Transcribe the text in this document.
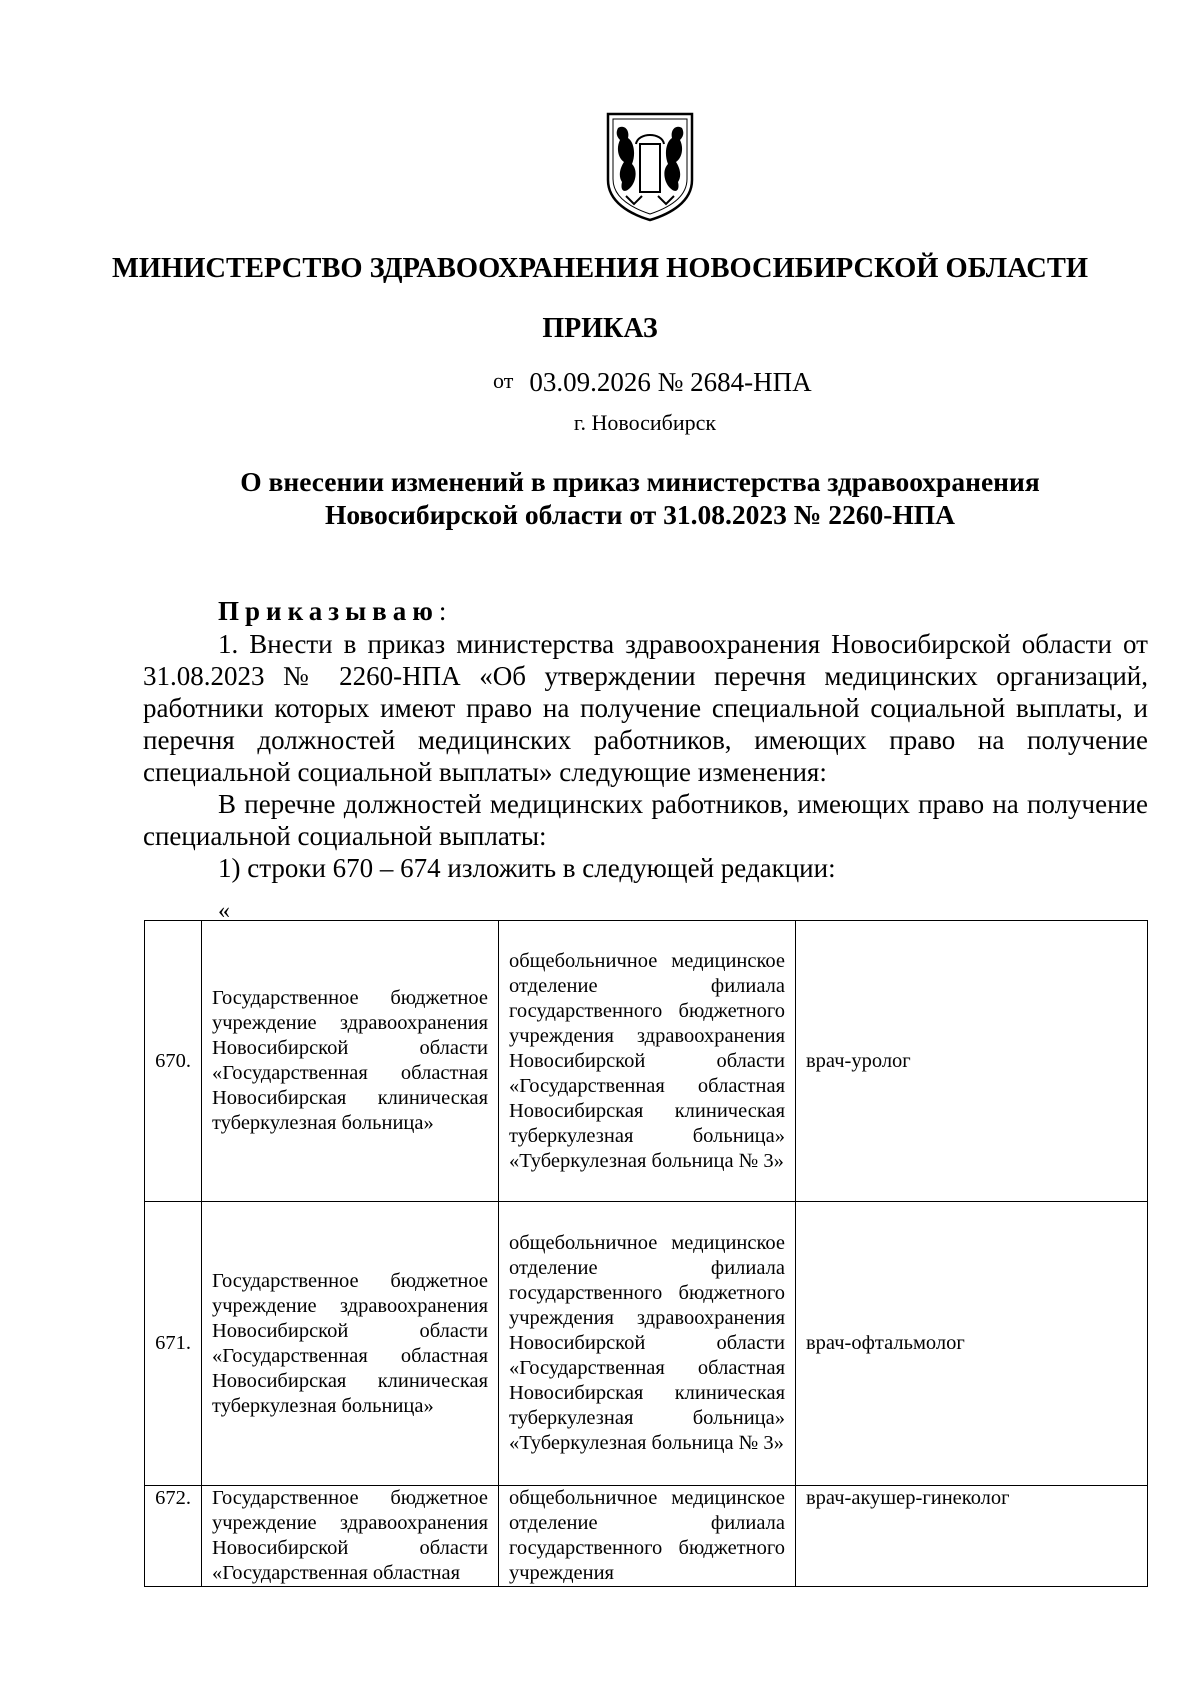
МИНИСТЕРСТВО ЗДРАВООХРАНЕНИЯ НОВОСИБИРСКОЙ ОБЛАСТИ
ПРИКАЗ
от 03.09.2026 № 2684-НПА
г. Новосибирск
О внесении изменений в приказ министерства здравоохранения
Новосибирской области от 31.08.2023 № 2260-НПА
Приказываю:

1. Внести в приказ министерства здравоохранения Новосибирской области от 31.08.2023 № 2260-НПА «Об утверждении перечня медицинских организаций, работники которых имеют право на получение специальной социальной выплаты, и перечня должностей медицинских работников, имеющих право на получение специальной социальной выплаты» следующие изменения:

В перечне должностей медицинских работников, имеющих право на получение специальной социальной выплаты:

1) строки 670 – 674 изложить в следующей редакции:

«
670.	Государственное бюджетное учреждение здравоохранения Новосибирской области «Государственная областная Новосибирская клиническая туберкулезная больница»	общебольничное медицинское отделение филиала государственного бюджетного учреждения здравоохранения Новосибирской области «Государственная областная Новосибирская клиническая туберкулезная больница» «Туберкулезная больница № 3»	врач-уролог
671.	Государственное бюджетное учреждение здравоохранения Новосибирской области «Государственная областная Новосибирская клиническая туберкулезная больница»	общебольничное медицинское отделение филиала государственного бюджетного учреждения здравоохранения Новосибирской области «Государственная областная Новосибирская клиническая туберкулезная больница» «Туберкулезная больница № 3»	врач-офтальмолог
672.	Государственное бюджетное учреждение здравоохранения Новосибирской области «Государственная областная	общебольничное медицинское отделение филиала государственного бюджетного учреждения	врач-акушер-гинеколог
